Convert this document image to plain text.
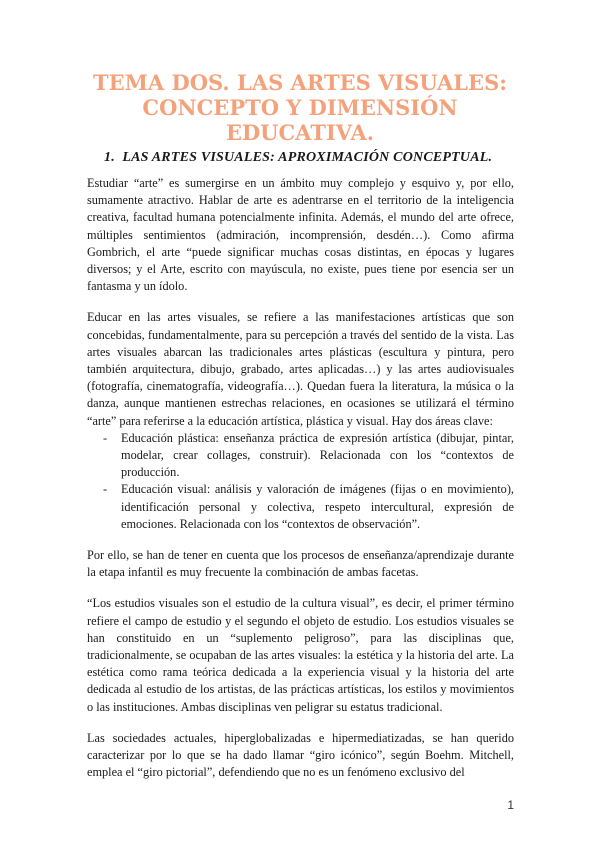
TEMA DOS. LAS ARTES VISUALES:
CONCEPTO Y DIMENSIÓN
EDUCATIVA.
1. LAS ARTES VISUALES: APROXIMACIÓN CONCEPTUAL.

Estudiar “arte” es sumergirse en un ámbito muy complejo y esquivo y, por ello, sumamente atractivo. Hablar de arte es adentrarse en el territorio de la inteligencia creativa, facultad humana potencialmente infinita. Además, el mundo del arte ofrece, múltiples sentimientos (admiración, incomprensión, desdén…). Como afirma Gombrich, el arte “puede significar muchas cosas distintas, en épocas y lugares diversos; y el Arte, escrito con mayúscula, no existe, pues tiene por esencia ser un fantasma y un ídolo.

Educar en las artes visuales, se refiere a las manifestaciones artísticas que son concebidas, fundamentalmente, para su percepción a través del sentido de la vista. Las artes visuales abarcan las tradicionales artes plásticas (escultura y pintura, pero también arquitectura, dibujo, grabado, artes aplicadas…) y las artes audiovisuales (fotografía, cinematografía, videografía…). Quedan fuera la literatura, la música o la danza, aunque mantienen estrechas relaciones, en ocasiones se utilizará el término “arte” para referirse a la educación artística, plástica y visual. Hay dos áreas clave:

- Educación plástica: enseñanza práctica de expresión artística (dibujar, pintar, modelar, crear collages, construir). Relacionada con los “contextos de producción.
- Educación visual: análisis y valoración de imágenes (fijas o en movimiento), identificación personal y colectiva, respeto intercultural, expresión de emociones. Relacionada con los “contextos de observación”.

Por ello, se han de tener en cuenta que los procesos de enseñanza/aprendizaje durante la etapa infantil es muy frecuente la combinación de ambas facetas.

“Los estudios visuales son el estudio de la cultura visual”, es decir, el primer término refiere el campo de estudio y el segundo el objeto de estudio. Los estudios visuales se han constituido en un “suplemento peligroso”, para las disciplinas que, tradicionalmente, se ocupaban de las artes visuales: la estética y la historia del arte. La estética como rama teórica dedicada a la experiencia visual y la historia del arte dedicada al estudio de los artistas, de las prácticas artísticas, los estilos y movimientos o las instituciones. Ambas disciplinas ven peligrar su estatus tradicional.

Las sociedades actuales, hiperglobalizadas e hipermediatizadas, se han querido caracterizar por lo que se ha dado llamar “giro icónico”, según Boehm. Mitchell, emplea el “giro pictorial”, defendiendo que no es un fenómeno exclusivo del

1
